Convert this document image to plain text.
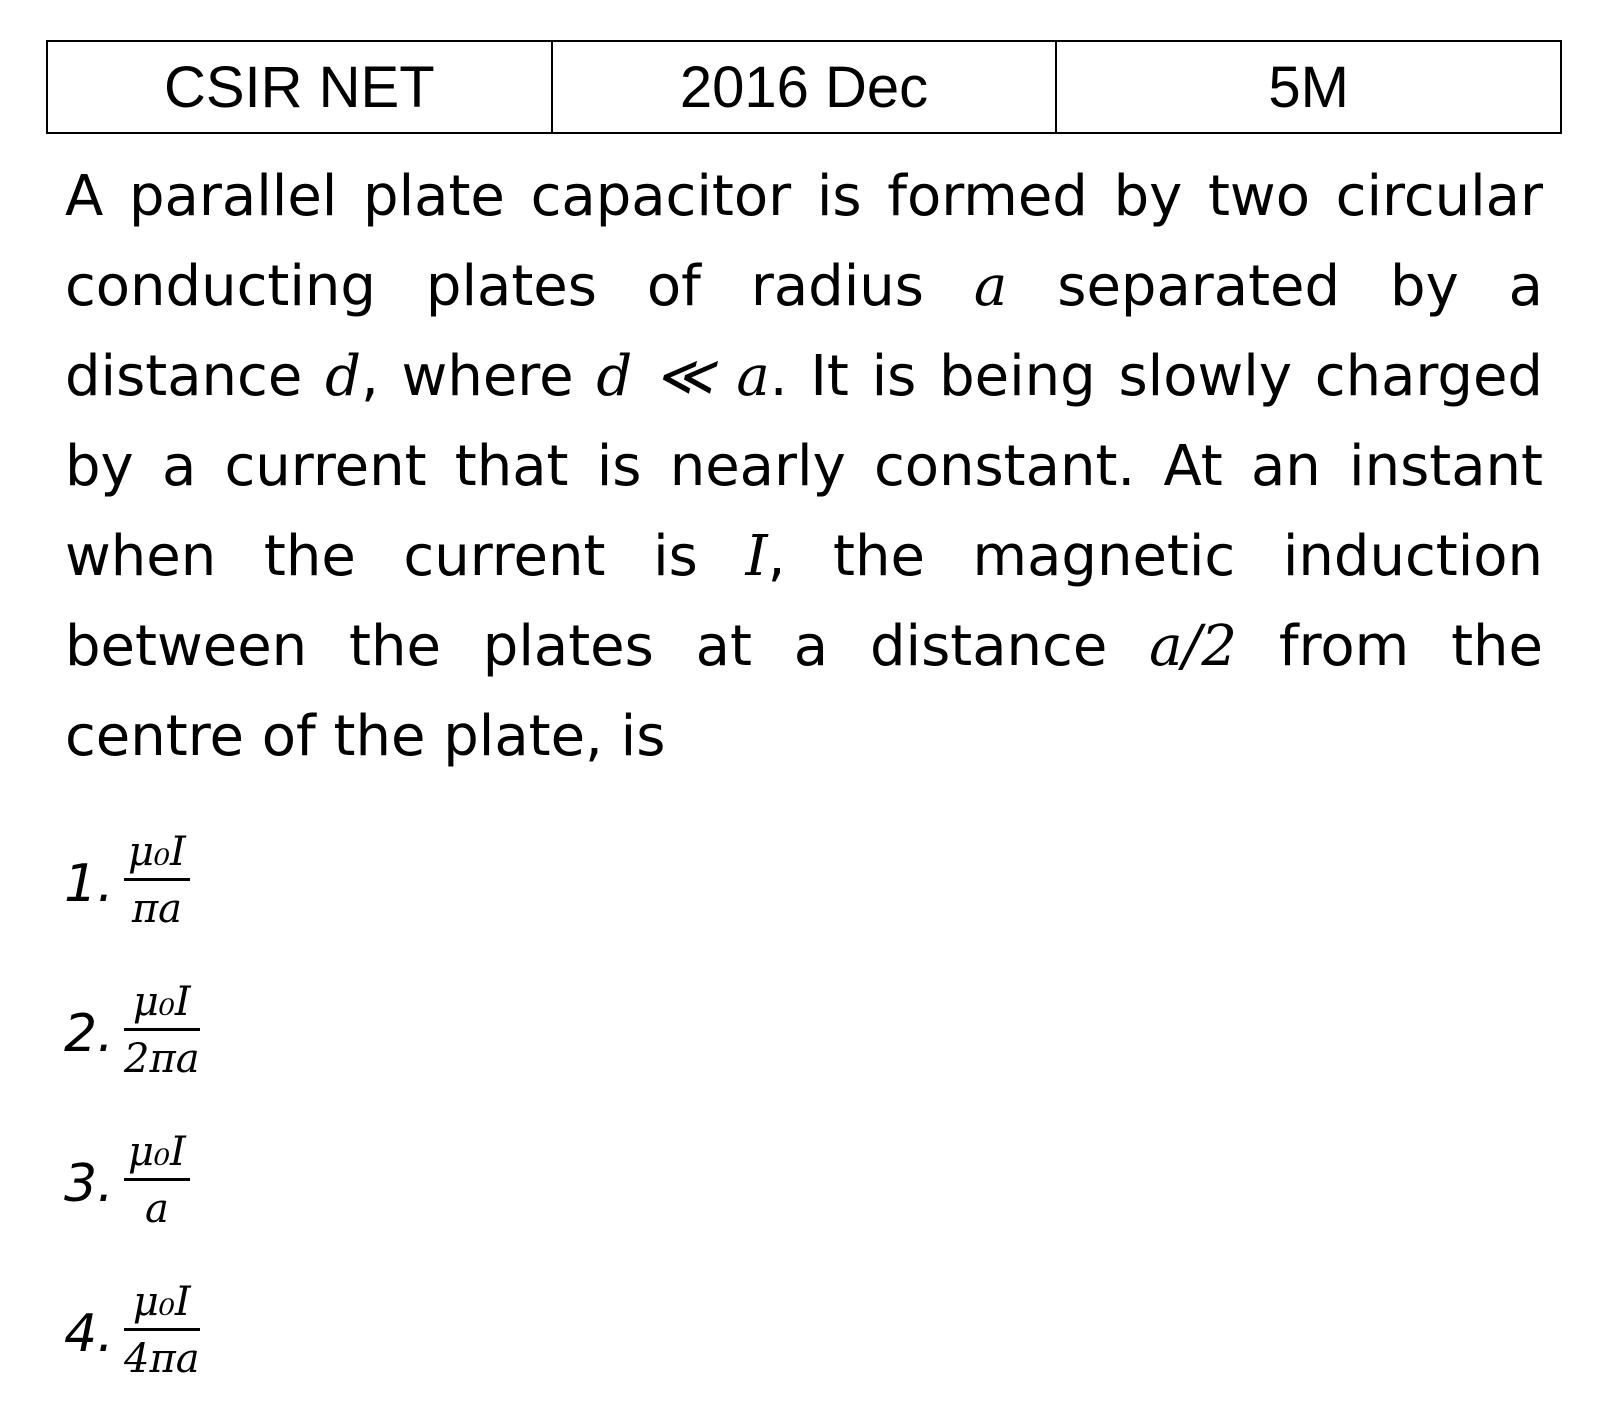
CSIR NET	2016 Dec	5M
A parallel plate capacitor is formed by two circular conducting plates of radius a separated by a distance d, where d ≪ a. It is being slowly charged by a current that is nearly constant. At an instant when the current is I, the magnetic induction between the plates at a distance a/2 from the centre of the plate, is
1. $\frac{\text{μ₀I}}{\pi a}$
2. $\frac{\text{μ₀I}}{2\pi a}$
3. $\frac{\text{μ₀I}}{a}$
4. $\frac{\text{μ₀I}}{4\pi a}$
